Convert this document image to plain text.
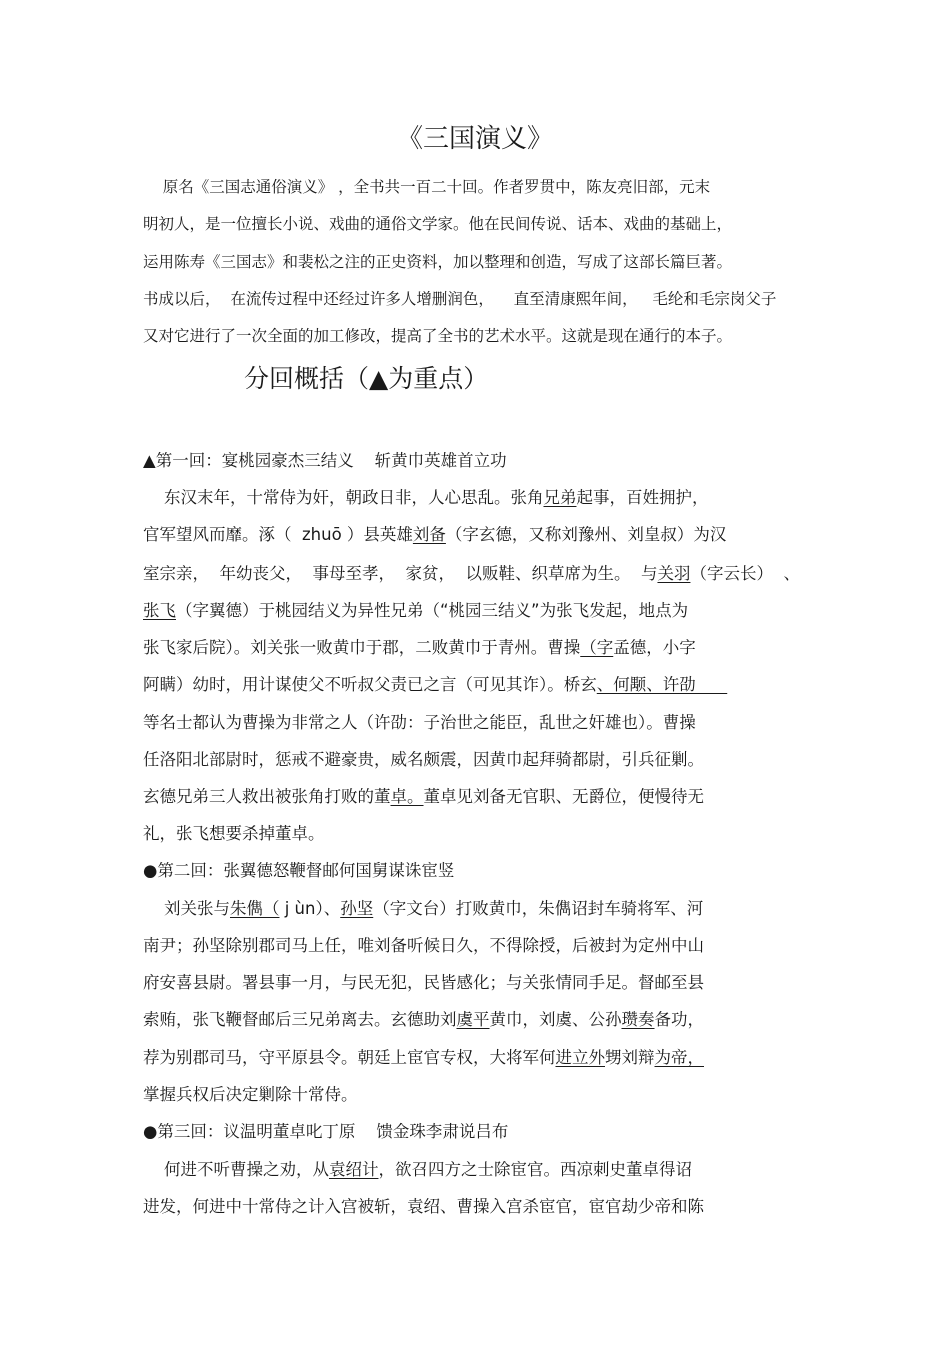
《三国演义》
原名《三国志通俗演义》 ，全书共一百二十回。作者罗贯中，陈友亮旧部，元末
明初人，是一位擅长小说、戏曲的通俗文学家。他在民间传说、话本、戏曲的基础上，
运用陈寿《三国志》和裴松之注的正史资料，加以整理和创造，写成了这部长篇巨著。
书成以后，  在流传过程中还经过许多人增删润色，    直至清康熙年间，   毛纶和毛宗岗父子
又对它进行了一次全面的加工修改，提高了全书的艺术水平。这就是现在通行的本子。
分回概括（▲为重点）
▲第一回：宴桃园豪杰三结义    斩黄巾英雄首立功
东汉末年，十常侍为奸，朝政日非，人心思乱。张角兄弟起事，百姓拥护，
官军望风而靡。涿（  zhuō ）县英雄刘备（字玄德，又称刘豫州、刘皇叔）为汉
室宗亲，  年幼丧父，  事母至孝，  家贫，  以贩鞋、织草席为生。  与关羽（字云长）  、
张飞（字翼德）于桃园结义为异性兄弟（“桃园三结义”为张飞发起，地点为
张飞家后院）。刘关张一败黄巾于郡，二败黄巾于青州。曹操（字孟德，小字
阿瞒）幼时，用计谋使父不听叔父责已之言（可见其诈）。桥玄、何颙、许劭
等名士都认为曹操为非常之人（许劭：子治世之能臣，乱世之奸雄也）。曹操
任洛阳北部尉时，惩戒不避豪贵，威名颇震，因黄巾起拜骑都尉，引兵征剿。
玄德兄弟三人救出被张角打败的董卓。董卓见刘备无官职、无爵位，便慢待无
礼，张飞想要杀掉董卓。
●第二回：张翼德怒鞭督邮何国舅谋诛宦竖
刘关张与朱儁（ j ùn）、孙坚（字文台）打败黄巾，朱儁诏封车骑将军、河
南尹；孙坚除别郡司马上任，唯刘备听候日久，不得除授，后被封为定州中山
府安喜县尉。署县事一月，与民无犯，民皆感化；与关张情同手足。督邮至县
索贿，张飞鞭督邮后三兄弟离去。玄德助刘虞平黄巾，刘虞、公孙瓒奏备功，
荐为别郡司马，守平原县令。朝廷上宦官专权，大将军何进立外甥刘辩为帝，
掌握兵权后决定剿除十常侍。
●第三回：议温明董卓叱丁原    馈金珠李肃说吕布
何进不听曹操之劝，从袁绍计，欲召四方之士除宦官。西凉刺史董卓得诏
进发，何进中十常侍之计入宫被斩，袁绍、曹操入宫杀宦官，宦官劫少帝和陈
